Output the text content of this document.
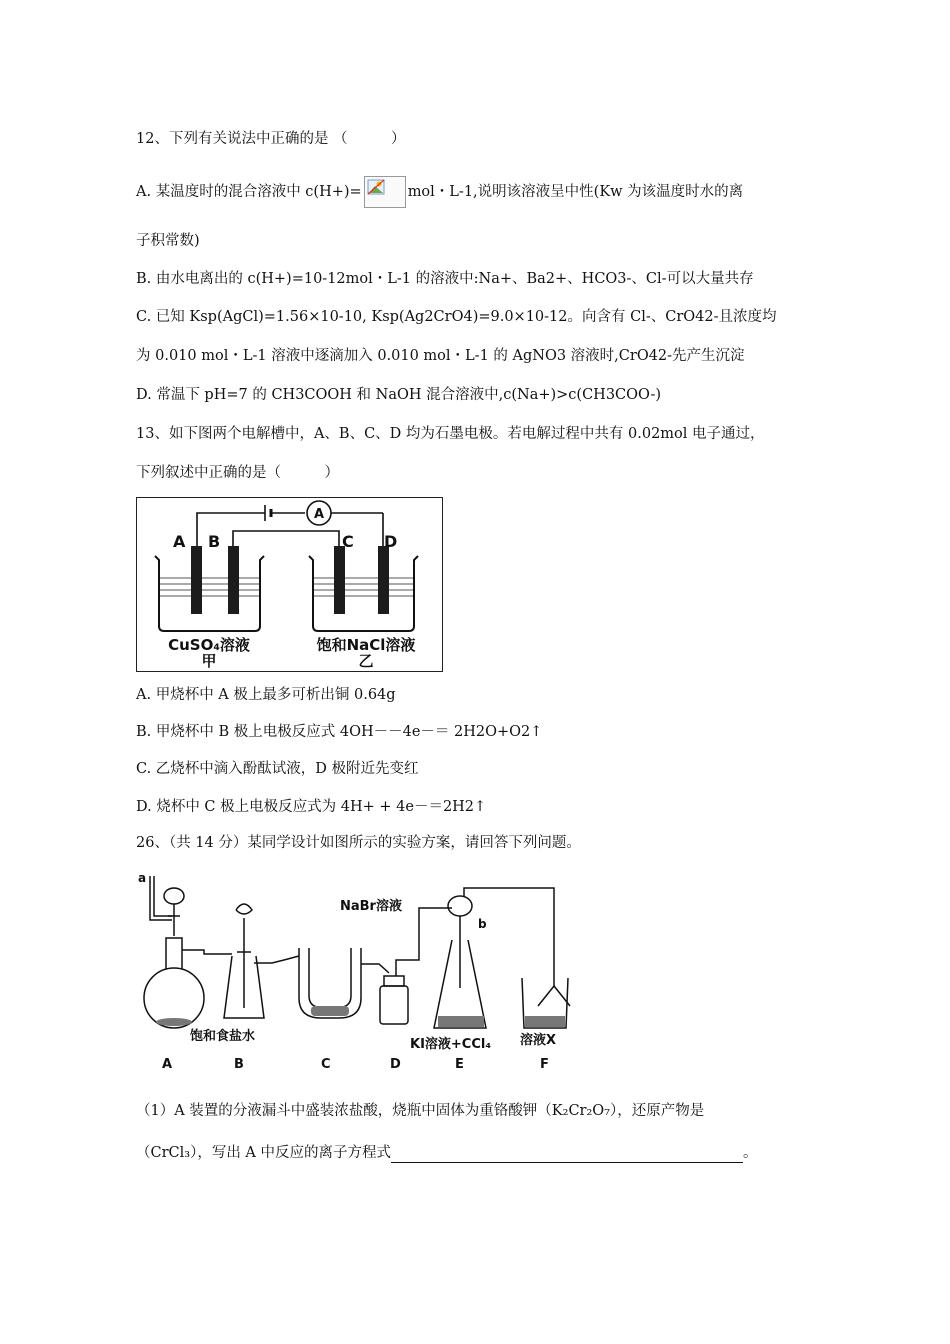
12、下列有关说法中正确的是 （　　　）
A. 某温度时的混合溶液中 c(H+)=	mol・L-1,说明该溶液呈中性(Kw 为该温度时水的离
子积常数)
B. 由水电离出的 c(H+)=10-12mol・L-1 的溶液中:Na+、Ba2+、HCO3-、Cl-可以大量共存
C. 已知 Ksp(AgCl)=1.56×10-10, Ksp(Ag2CrO4)=9.0×10-12。向含有 Cl-、CrO42-且浓度均
为 0.010 mol・L-1 溶液中逐滴加入 0.010 mol・L-1 的 AgNO3 溶液时,CrO42-先产生沉淀
D. 常温下 pH=7 的 CH3COOH 和 NaOH 混合溶液中,c(Na+)>c(CH3COO-)
13、如下图两个电解槽中，A、B、C、D 均为石墨电极。若电解过程中共有 0.02mol 电子通过，
下列叙述中正确的是（　　　）
A
A B	C D
CuSO₄溶液
甲
饱和NaCl溶液
乙
A. 甲烧杯中 A 极上最多可析出铜 0.64g
B. 甲烧杯中 B 极上电极反应式 4OH－－4e－＝ 2H2O+O2↑
C. 乙烧杯中滴入酚酞试液，D 极附近先变红
D. 烧杯中 C 极上电极反应式为 4H+ + 4e－＝2H2↑
26、（共 14 分）某同学设计如图所示的实验方案，请回答下列问题。
a
b
NaBr溶液
饱和食盐水
KI溶液+CCl₄ 溶液X
A	B	C	D	E	F
（1）A 装置的分液漏斗中盛装浓盐酸，烧瓶中固体为重铬酸钾（K₂Cr₂O₇），还原产物是
（CrCl₃），写出 A 中反应的离子方程式	。
